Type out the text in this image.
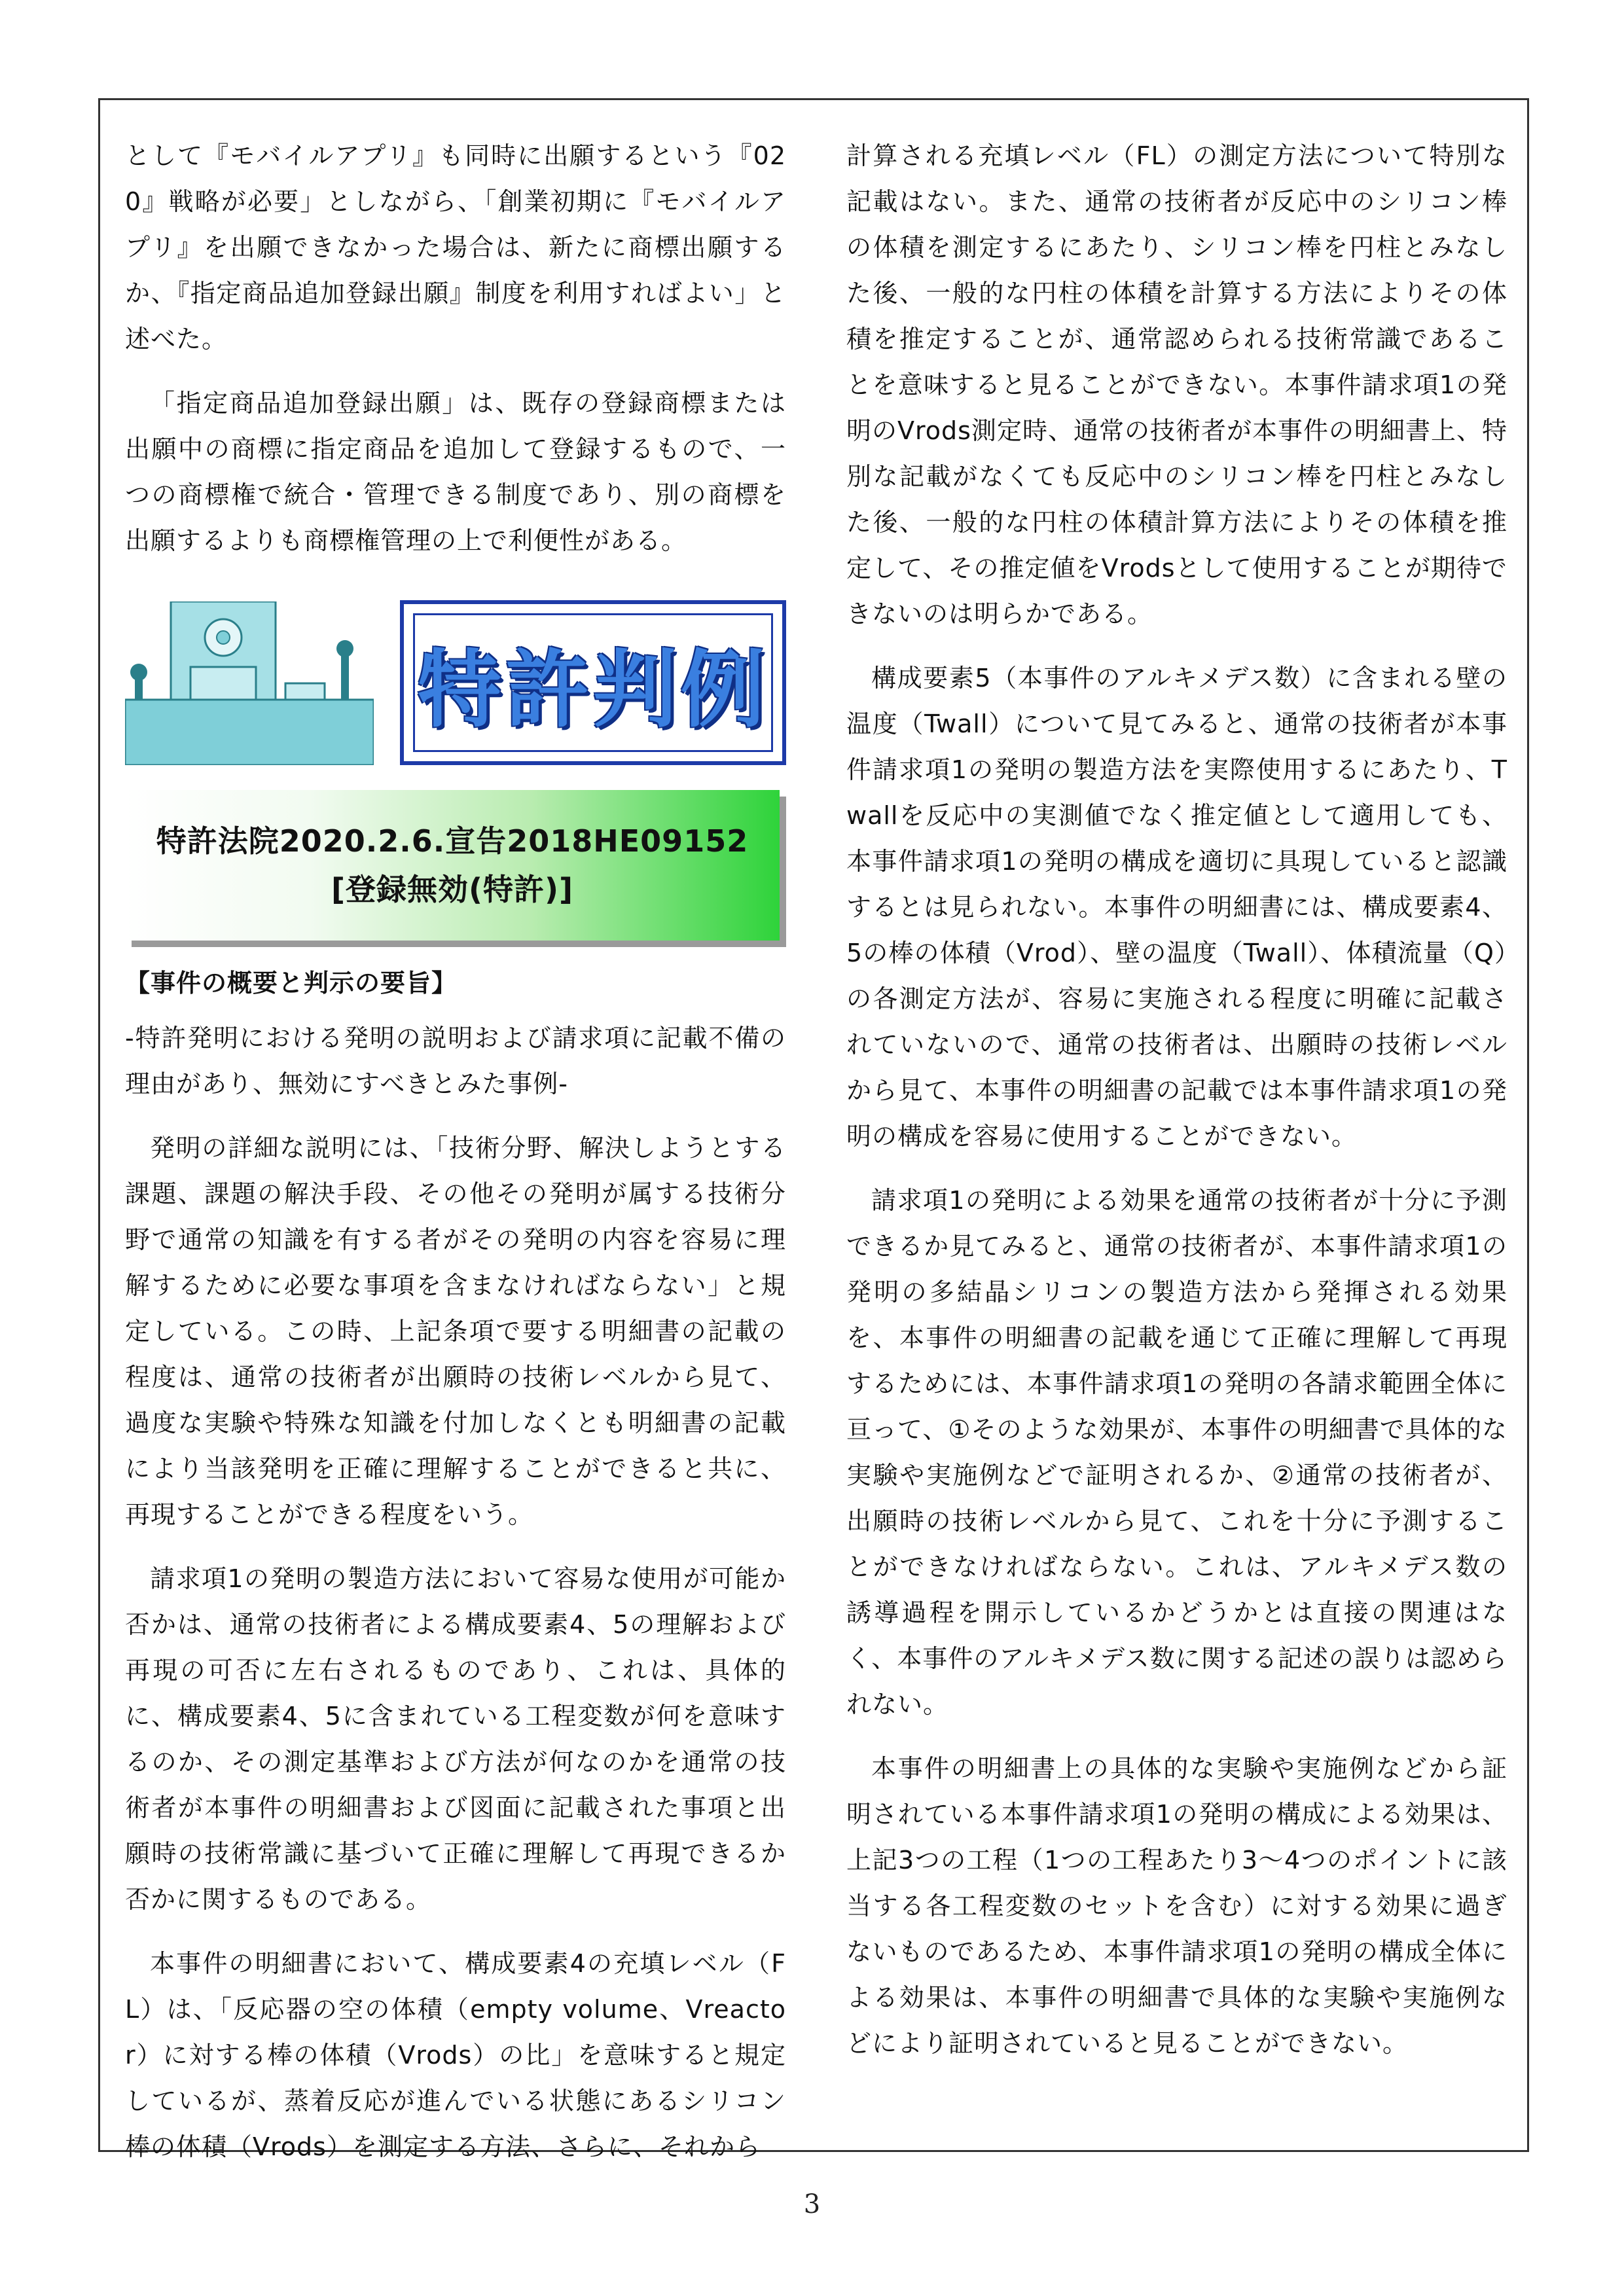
として『モバイルアプリ』も同時に出願するという『020』戦略が必要」としながら、「創業初期に『モバイルアプリ』を出願できなかった場合は、新たに商標出願するか、『指定商品追加登録出願』制度を利用すればよい」と述べた。

「指定商品追加登録出願」は、既存の登録商標または出願中の商標に指定商品を追加して登録するもので、一つの商標権で統合・管理できる制度であり、別の商標を出願するよりも商標権管理の上で利便性がある。

特許判例
特許法院2020.2.6.宣告2018HE09152
[登録無効(特許)]

【事件の概要と判示の要旨】

-特許発明における発明の説明および請求項に記載不備の理由があり、無効にすべきとみた事例-

発明の詳細な説明には、「技術分野、解決しようとする課題、課題の解決手段、その他その発明が属する技術分野で通常の知識を有する者がその発明の内容を容易に理解するために必要な事項を含まなければならない」と規定している。この時、上記条項で要する明細書の記載の程度は、通常の技術者が出願時の技術レベルから見て、過度な実験や特殊な知識を付加しなくとも明細書の記載により当該発明を正確に理解することができると共に、再現することができる程度をいう。

請求項1の発明の製造方法において容易な使用が可能か否かは、通常の技術者による構成要素4、5の理解および再現の可否に左右されるものであり、これは、具体的に、構成要素4、5に含まれている工程変数が何を意味するのか、その測定基準および方法が何なのかを通常の技術者が本事件の明細書および図面に記載された事項と出願時の技術常識に基づいて正確に理解して再現できるか否かに関するものである。

本事件の明細書において、構成要素4の充填レベル（FL）は、「反応器の空の体積（empty volume、Vreactor）に対する棒の体積（Vrods）の比」を意味すると規定しているが、蒸着反応が進んでいる状態にあるシリコン棒の体積（Vrods）を測定する方法、さらに、それから

計算される充填レベル（FL）の測定方法について特別な記載はない。また、通常の技術者が反応中のシリコン棒の体積を測定するにあたり、シリコン棒を円柱とみなした後、一般的な円柱の体積を計算する方法によりその体積を推定することが、通常認められる技術常識であることを意味すると見ることができない。本事件請求項1の発明のVrods測定時、通常の技術者が本事件の明細書上、特別な記載がなくても反応中のシリコン棒を円柱とみなした後、一般的な円柱の体積計算方法によりその体積を推定して、その推定値をVrodsとして使用することが期待できないのは明らかである。

構成要素5（本事件のアルキメデス数）に含まれる壁の温度（Twall）について見てみると、通常の技術者が本事件請求項1の発明の製造方法を実際使用するにあたり、Twallを反応中の実測値でなく推定値として適用しても、本事件請求項1の発明の構成を適切に具現していると認識するとは見られない。本事件の明細書には、構成要素4、5の棒の体積（Vrod）、壁の温度（Twall）、体積流量（Q）の各測定方法が、容易に実施される程度に明確に記載されていないので、通常の技術者は、出願時の技術レベルから見て、本事件の明細書の記載では本事件請求項1の発明の構成を容易に使用することができない。

請求項1の発明による効果を通常の技術者が十分に予測できるか見てみると、通常の技術者が、本事件請求項1の発明の多結晶シリコンの製造方法から発揮される効果を、本事件の明細書の記載を通じて正確に理解して再現するためには、本事件請求項1の発明の各請求範囲全体に亘って、①そのような効果が、本事件の明細書で具体的な実験や実施例などで証明されるか、②通常の技術者が、出願時の技術レベルから見て、これを十分に予測することができなければならない。これは、アルキメデス数の誘導過程を開示しているかどうかとは直接の関連はなく、本事件のアルキメデス数に関する記述の誤りは認められない。

本事件の明細書上の具体的な実験や実施例などから証明されている本事件請求項1の発明の構成による効果は、上記3つの工程（1つの工程あたり3～4つのポイントに該当する各工程変数のセットを含む）に対する効果に過ぎないものであるため、本事件請求項1の発明の構成全体による効果は、本事件の明細書で具体的な実験や実施例などにより証明されていると見ることができない。

3
